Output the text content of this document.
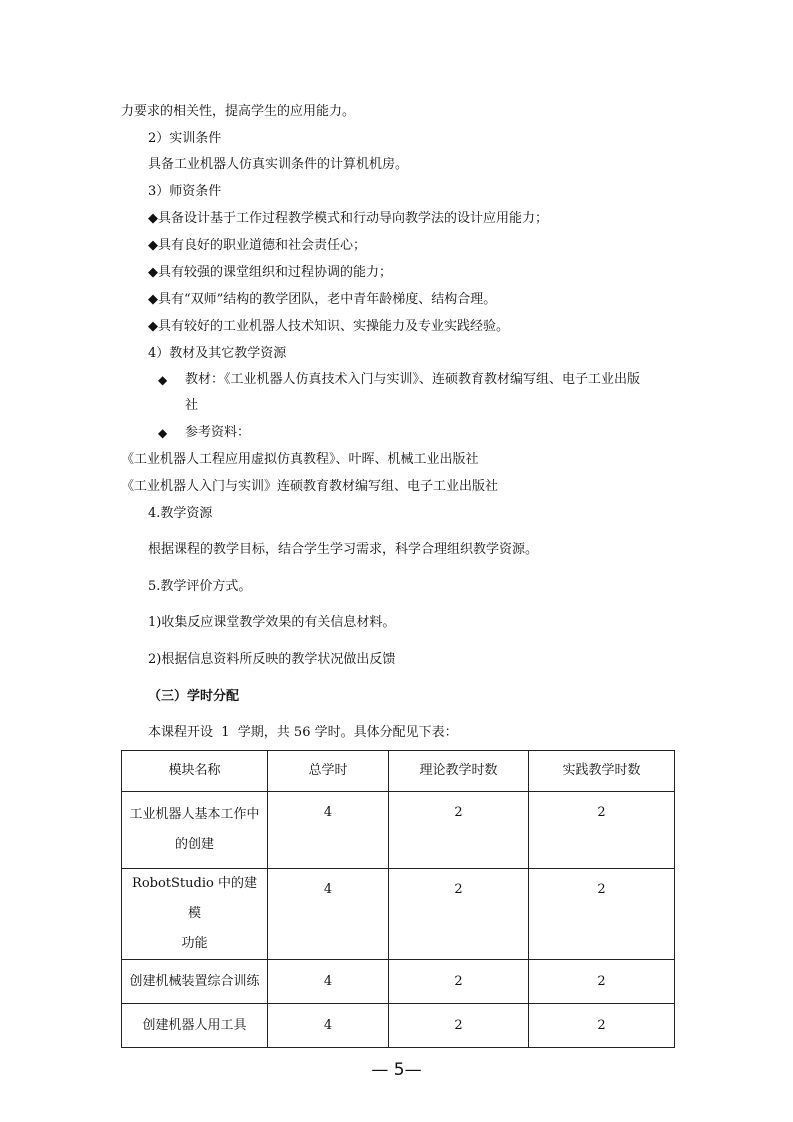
力要求的相关性，提高学生的应用能力。
2）实训条件
具备工业机器人仿真实训条件的计算机机房。
3）师资条件
◆具备设计基于工作过程教学模式和行动导向教学法的设计应用能力；
◆具有良好的职业道德和社会责任心；
◆具有较强的课堂组织和过程协调的能力；
◆具有“双师”结构的教学团队，老中青年龄梯度、结构合理。
◆具有较好的工业机器人技术知识、实操能力及专业实践经验。
4）教材及其它教学资源
◆ 教材：《工业机器人仿真技术入门与实训》、连硕教育教材编写组、电子工业出版
社
◆ 参考资料：
《工业机器人工程应用虚拟仿真教程》、叶晖、机械工业出版社
《工业机器人入门与实训》连硕教育教材编写组、电子工业出版社
4.教学资源
根据课程的教学目标，结合学生学习需求，科学合理组织教学资源。
5.教学评价方式。
1)收集反应课堂教学效果的有关信息材料。
2)根据信息资料所反映的教学状况做出反馈
（三）学时分配
本课程开设  1  学期，共 56 学时。具体分配见下表：
模块名称	总学时	理论教学时数	实践教学时数
工业机器人基本工作中
的创建	4	2	2
RobotStudio 中的建模
功能	4	2	2
创建机械装置综合训练	4	2	2
创建机器人用工具	4	2	2
— 5—
